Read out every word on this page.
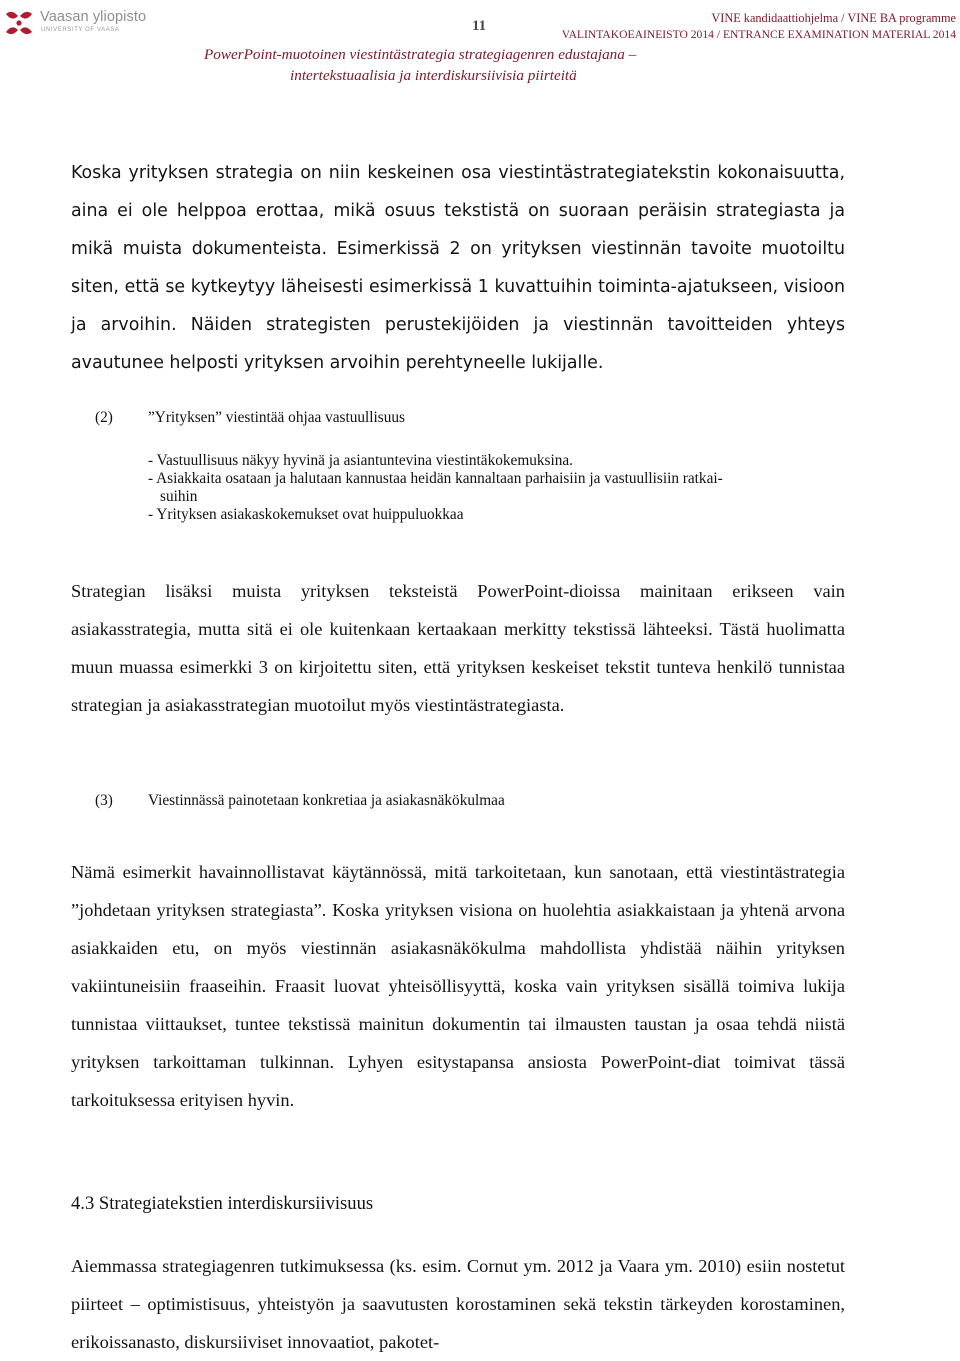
Vaasan yliopisto
UNIVERSITY OF VAASA	11	VINE kandidaattiohjelma / VINE BA programme
VALINTAKOEAINEISTO 2014 / ENTRANCE EXAMINATION MATERIAL 2014
PowerPoint-muotoinen viestintästrategia strategiagenren edustajana –
intertekstuaalisia ja interdiskursiivisia piirteitä

Koska yrityksen strategia on niin keskeinen osa viestintästrategiatekstin kokonaisuutta, aina ei ole helppoa erottaa, mikä osuus tekstistä on suoraan peräisin strategiasta ja mikä muista dokumenteista. Esimerkissä 2 on yrityksen viestinnän tavoite muotoiltu siten, että se kytkeytyy läheisesti esimerkissä 1 kuvattuihin toiminta-ajatukseen, visioon ja arvoihin. Näiden strategisten perustekijöiden ja viestinnän tavoitteiden yhteys avautunee helposti yrityksen arvoihin perehtyneelle lukijalle.

(2) ”Yrityksen” viestintää ohjaa vastuullisuus
- Vastuullisuus näkyy hyvinä ja asiantuntevina viestintäkokemuksina.
- Asiakkaita osataan ja halutaan kannustaa heidän kannaltaan parhaisiin ja vastuullisiin ratkai-

suihin
- Yrityksen asiakaskokemukset ovat huippuluokkaa

Strategian lisäksi muista yrityksen teksteistä PowerPoint-dioissa mainitaan erikseen vain asiakasstrategia, mutta sitä ei ole kuitenkaan kertaakaan merkitty tekstissä lähteeksi. Tästä huolimatta muun muassa esimerkki 3 on kirjoitettu siten, että yrityksen keskeiset tekstit tunteva henkilö tunnistaa strategian ja asiakasstrategian muotoilut myös viestintästrategiasta.

(3) Viestinnässä painotetaan konkretiaa ja asiakasnäkökulmaa

Nämä esimerkit havainnollistavat käytännössä, mitä tarkoitetaan, kun sanotaan, että viestintästrategia ”johdetaan yrityksen strategiasta”. Koska yrityksen visiona on huolehtia asiakkaistaan ja yhtenä arvona asiakkaiden etu, on myös viestinnän asiakasnäkökulma mahdollista yhdistää näihin yrityksen vakiintuneisiin fraaseihin. Fraasit luovat yhteisöllisyyttä, koska vain yrityksen sisällä toimiva lukija tunnistaa viittaukset, tuntee tekstissä mainitun dokumentin tai ilmausten taustan ja osaa tehdä niistä yrityksen tarkoittaman tulkinnan. Lyhyen esitystapansa ansiosta PowerPoint-diat toimivat tässä tarkoituksessa erityisen hyvin.

4.3 Strategiatekstien interdiskursiivisuus

Aiemmassa strategiagenren tutkimuksessa (ks. esim. Cornut ym. 2012 ja Vaara ym. 2010) esiin nostetut piirteet – optimistisuus, yhteistyön ja saavutusten korostaminen sekä tekstin tärkeyden korostaminen, erikoissanasto, diskursiiviset innovaatiot, pakotet-
